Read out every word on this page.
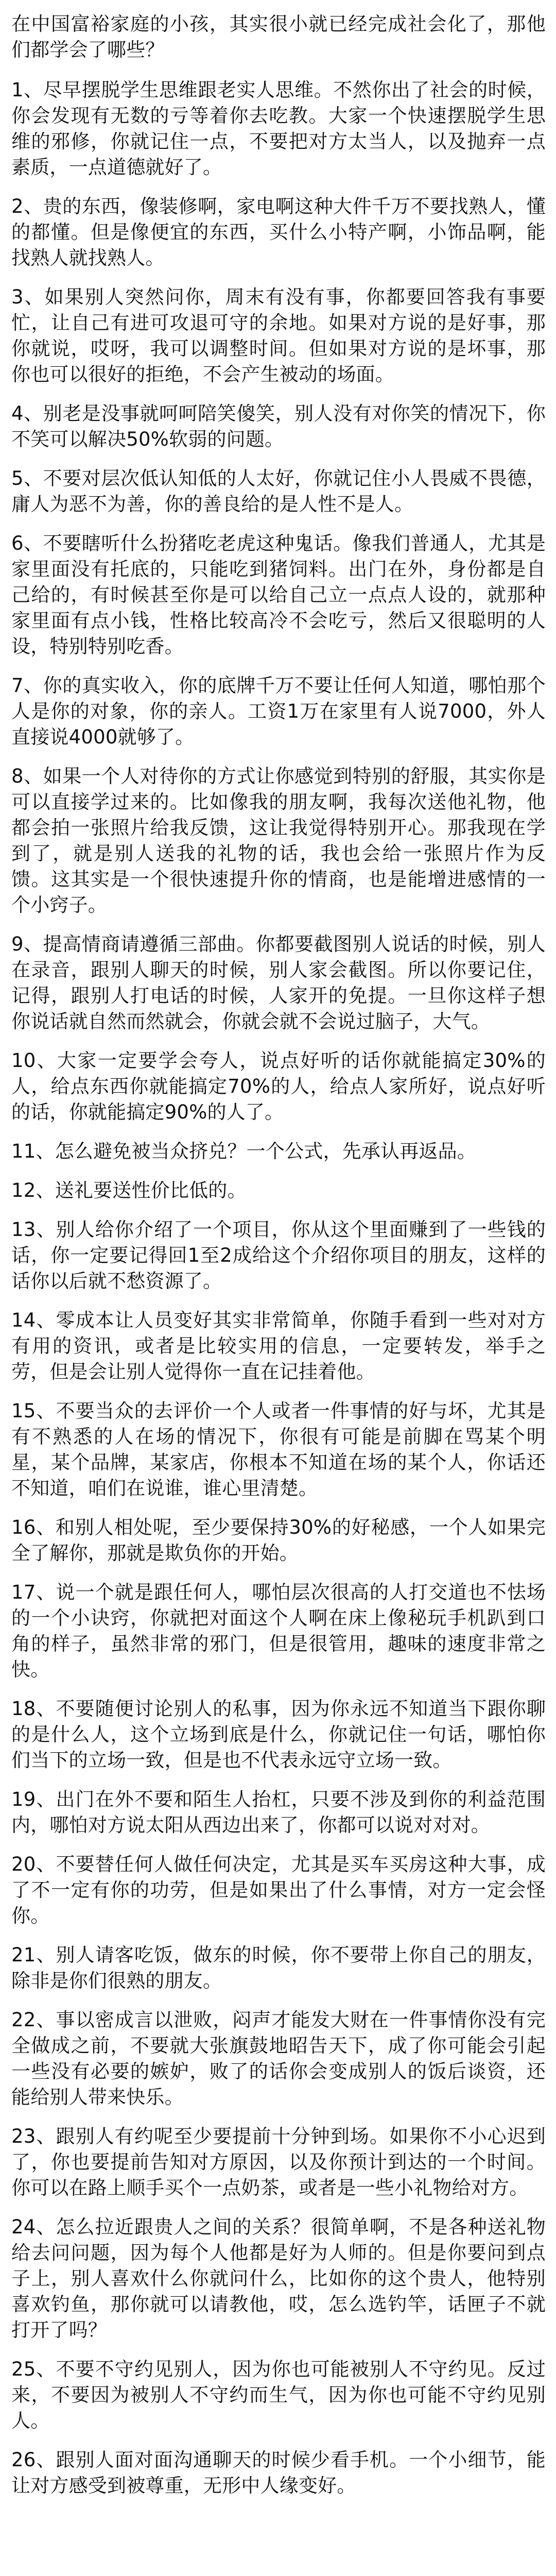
在中国富裕家庭的小孩，其实很小就已经完成社会化了，那他们都学会了哪些？

1、尽早摆脱学生思维跟老实人思维。不然你出了社会的时候，你会发现有无数的亏等着你去吃教。大家一个快速摆脱学生思维的邪修，你就记住一点，不要把对方太当人，以及抛弃一点素质，一点道德就好了。
2、贵的东西，像装修啊，家电啊这种大件千万不要找熟人，懂的都懂。但是像便宜的东西，买什么小特产啊，小饰品啊，能找熟人就找熟人。
3、如果别人突然问你，周末有没有事，你都要回答我有事要忙，让自己有进可攻退可守的余地。如果对方说的是好事，那你就说，哎呀，我可以调整时间。但如果对方说的是坏事，那你也可以很好的拒绝，不会产生被动的场面。
4、别老是没事就呵呵陪笑傻笑，别人没有对你笑的情况下，你不笑可以解决50%软弱的问题。
5、不要对层次低认知低的人太好，你就记住小人畏威不畏德，庸人为恶不为善，你的善良给的是人性不是人。
6、不要瞎听什么扮猪吃老虎这种鬼话。像我们普通人，尤其是家里面没有托底的，只能吃到猪饲料。出门在外，身份都是自己给的，有时候甚至你是可以给自己立一点点人设的，就那种家里面有点小钱，性格比较高冷不会吃亏，然后又很聪明的人设，特别特别吃香。
7、你的真实收入，你的底牌千万不要让任何人知道，哪怕那个人是你的对象，你的亲人。工资1万在家里有人说7000，外人直接说4000就够了。
8、如果一个人对待你的方式让你感觉到特别的舒服，其实你是可以直接学过来的。比如像我的朋友啊，我每次送他礼物，他都会拍一张照片给我反馈，这让我觉得特别开心。那我现在学到了，就是别人送我的礼物的话，我也会给一张照片作为反馈。这其实是一个很快速提升你的情商，也是能增进感情的一个小窍子。
9、提高情商请遵循三部曲。你都要截图别人说话的时候，别人在录音，跟别人聊天的时候，别人家会截图。所以你要记住，记得，跟别人打电话的时候，人家开的免提。一旦你这样子想你说话就自然而然就会，你就会就不会说过脑子，大气。
10、大家一定要学会夸人，说点好听的话你就能搞定30%的人，给点东西你就能搞定70%的人，给点人家所好，说点好听的话，你就能搞定90%的人了。
11、怎么避免被当众挤兑？一个公式，先承认再返品。
12、送礼要送性价比低的。
13、别人给你介绍了一个项目，你从这个里面赚到了一些钱的话，你一定要记得回1至2成给这个介绍你项目的朋友，这样的话你以后就不愁资源了。
14、零成本让人员变好其实非常简单，你随手看到一些对对方有用的资讯，或者是比较实用的信息，一定要转发，举手之劳，但是会让别人觉得你一直在记挂着他。
15、不要当众的去评价一个人或者一件事情的好与坏，尤其是有不熟悉的人在场的情况下，你很有可能是前脚在骂某个明星，某个品牌，某家店，你根本不知道在场的某个人，你话还不知道，咱们在说谁，谁心里清楚。
16、和别人相处呢，至少要保持30%的好秘感，一个人如果完全了解你，那就是欺负你的开始。
17、说一个就是跟任何人，哪怕层次很高的人打交道也不怯场的一个小诀窍，你就把对面这个人啊在床上像秘玩手机趴到口角的样子，虽然非常的邪门，但是很管用，趣味的速度非常之快。
18、不要随便讨论别人的私事，因为你永远不知道当下跟你聊的是什么人，这个立场到底是什么，你就记住一句话，哪怕你们当下的立场一致，但是也不代表永远守立场一致。
19、出门在外不要和陌生人抬杠，只要不涉及到你的利益范围内，哪怕对方说太阳从西边出来了，你都可以说对对对。
20、不要替任何人做任何决定，尤其是买车买房这种大事，成了不一定有你的功劳，但是如果出了什么事情，对方一定会怪你。
21、别人请客吃饭，做东的时候，你不要带上你自己的朋友，除非是你们很熟的朋友。
22、事以密成言以泄败，闷声才能发大财在一件事情你没有完全做成之前，不要就大张旗鼓地昭告天下，成了你可能会引起一些没有必要的嫉妒，败了的话你会变成别人的饭后谈资，还能给别人带来快乐。
23、跟别人有约呢至少要提前十分钟到场。如果你不小心迟到了，你也要提前告知对方原因，以及你预计到达的一个时间。你可以在路上顺手买个一点奶茶，或者是一些小礼物给对方。
24、怎么拉近跟贵人之间的关系？很简单啊，不是各种送礼物给去问问题，因为每个人他都是好为人师的。但是你要问到点子上，别人喜欢什么你就问什么，比如你的这个贵人，他特别喜欢钓鱼，那你就可以请教他，哎，怎么选钓竿，话匣子不就打开了吗？
25、不要不守约见别人，因为你也可能被别人不守约见。反过来，不要因为被别人不守约而生气，因为你也可能不守约见别人。
26、跟别人面对面沟通聊天的时候少看手机。一个小细节，能让对方感受到被尊重，无形中人缘变好。
